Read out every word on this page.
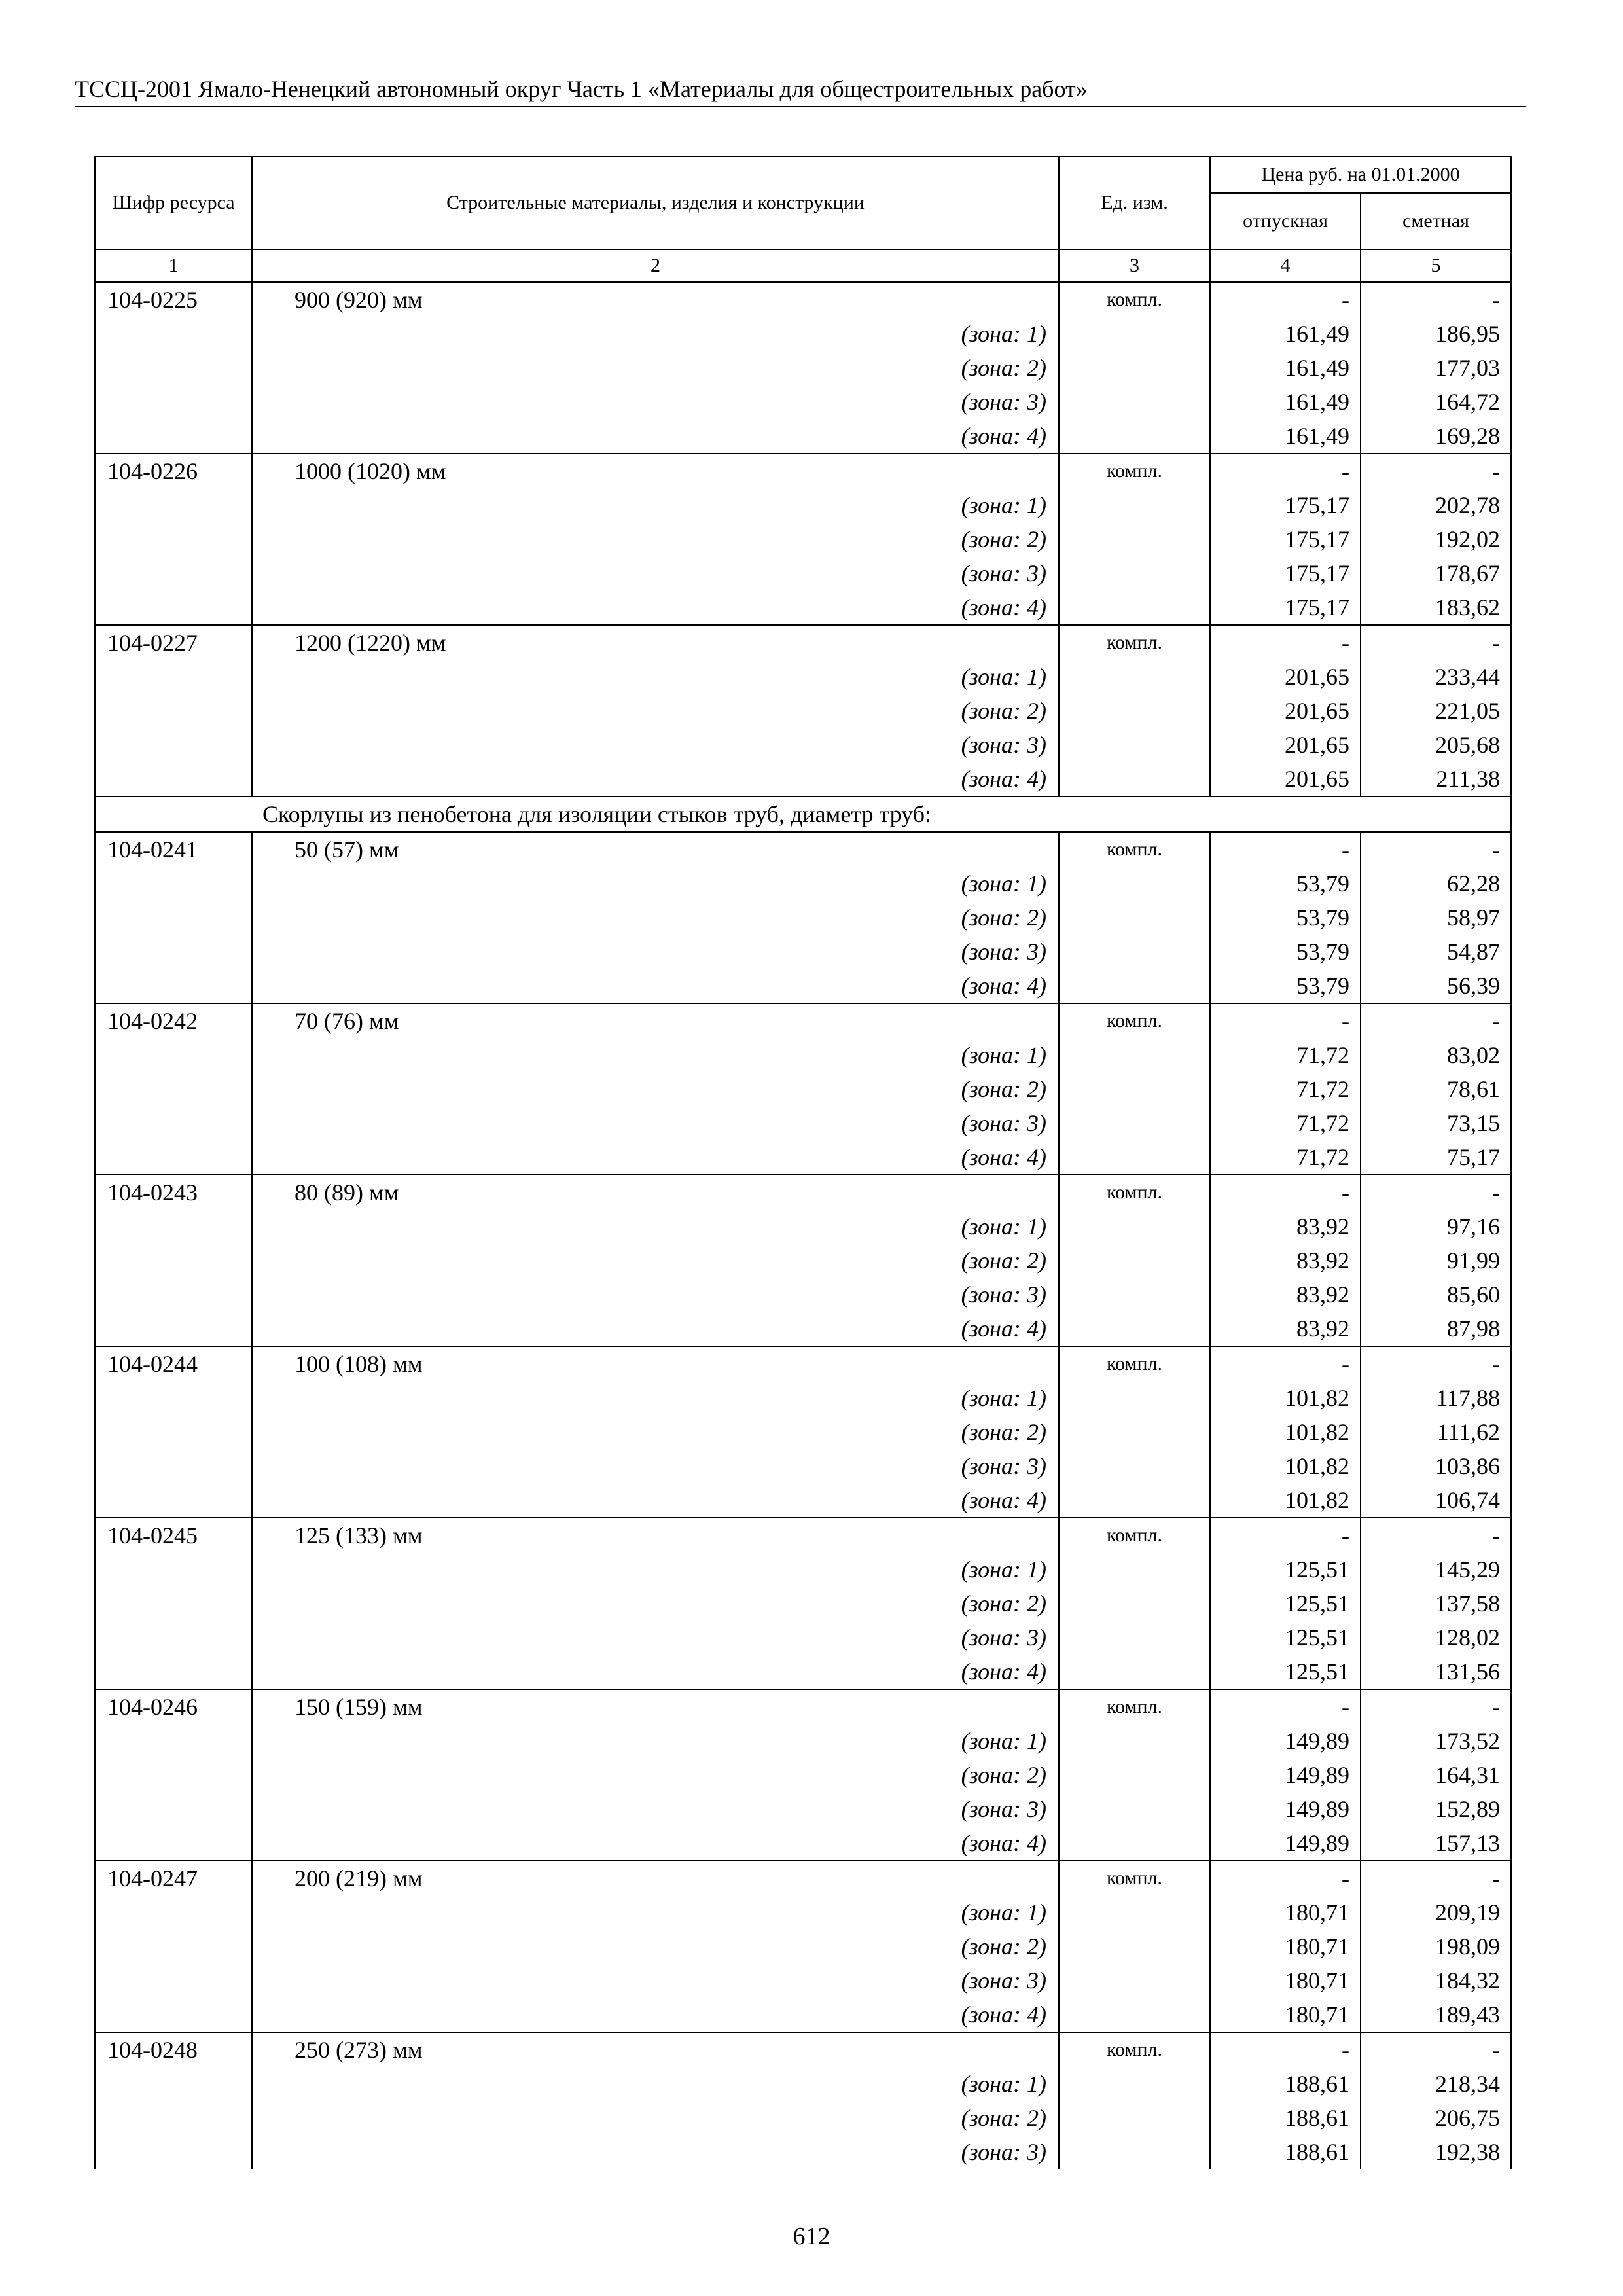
ТССЦ-2001 Ямало-Ненецкий автономный округ Часть 1 «Материалы для общестроительных работ»
Шифр ресурса	Строительные материалы, изделия и конструкции	Ед. изм.	Цена руб. на 01.01.2000	
			отпускная	сметная
1	2	3	4	5
104-0225	900 (920) мм	компл.	-	-
	(зона: 1)		161,49	186,95
	(зона: 2)		161,49	177,03
	(зона: 3)		161,49	164,72
	(зона: 4)		161,49	169,28
104-0226	1000 (1020) мм	компл.	-	-
	(зона: 1)		175,17	202,78
	(зона: 2)		175,17	192,02
	(зона: 3)		175,17	178,67
	(зона: 4)		175,17	183,62
104-0227	1200 (1220) мм	компл.	-	-
	(зона: 1)		201,65	233,44
	(зона: 2)		201,65	221,05
	(зона: 3)		201,65	205,68
	(зона: 4)		201,65	211,38
Скорлупы из пенобетона для изоляции стыков труб, диаметр труб:				
104-0241	50 (57) мм	компл.	-	-
	(зона: 1)		53,79	62,28
	(зона: 2)		53,79	58,97
	(зона: 3)		53,79	54,87
	(зона: 4)		53,79	56,39
104-0242	70 (76) мм	компл.	-	-
	(зона: 1)		71,72	83,02
	(зона: 2)		71,72	78,61
	(зона: 3)		71,72	73,15
	(зона: 4)		71,72	75,17
104-0243	80 (89) мм	компл.	-	-
	(зона: 1)		83,92	97,16
	(зона: 2)		83,92	91,99
	(зона: 3)		83,92	85,60
	(зона: 4)		83,92	87,98
104-0244	100 (108) мм	компл.	-	-
	(зона: 1)		101,82	117,88
	(зона: 2)		101,82	111,62
	(зона: 3)		101,82	103,86
	(зона: 4)		101,82	106,74
104-0245	125 (133) мм	компл.	-	-
	(зона: 1)		125,51	145,29
	(зона: 2)		125,51	137,58
	(зона: 3)		125,51	128,02
	(зона: 4)		125,51	131,56
104-0246	150 (159) мм	компл.	-	-
	(зона: 1)		149,89	173,52
	(зона: 2)		149,89	164,31
	(зона: 3)		149,89	152,89
	(зона: 4)		149,89	157,13
104-0247	200 (219) мм	компл.	-	-
	(зона: 1)		180,71	209,19
	(зона: 2)		180,71	198,09
	(зона: 3)		180,71	184,32
	(зона: 4)		180,71	189,43
104-0248	250 (273) мм	компл.	-	-
	(зона: 1)		188,61	218,34
	(зона: 2)		188,61	206,75
	(зона: 3)		188,61	192,38
612
